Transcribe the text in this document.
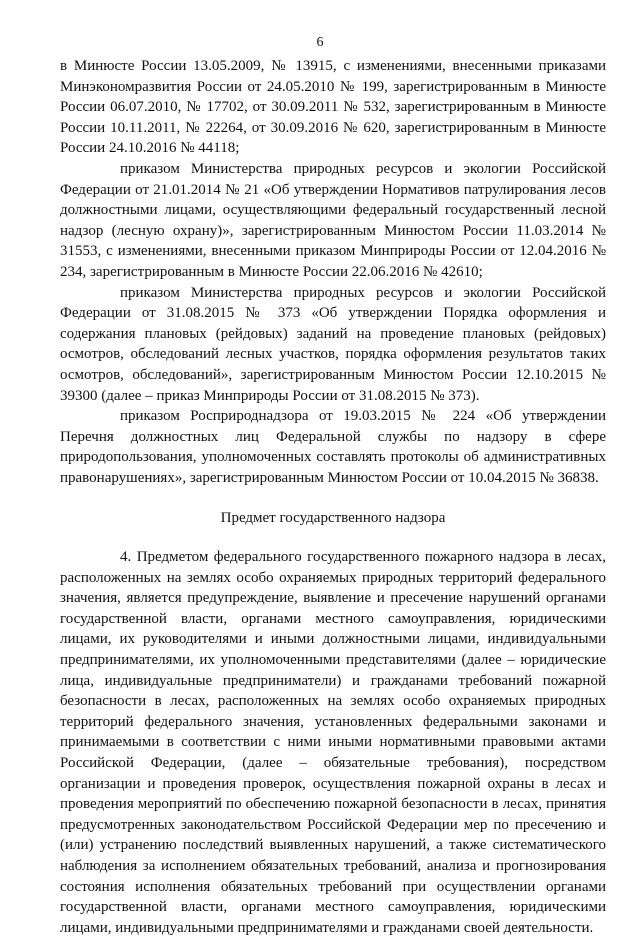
6

в Минюсте России 13.05.2009, № 13915, с изменениями, внесенными приказами Минэкономразвития России от 24.05.2010 № 199, зарегистрированным в Минюсте России 06.07.2010, № 17702, от 30.09.2011 № 532, зарегистрированным в Минюсте России 10.11.2011, № 22264, от 30.09.2016 № 620, зарегистрированным в Минюсте России 24.10.2016 № 44118;

приказом Министерства природных ресурсов и экологии Российской Федерации от 21.01.2014 № 21 «Об утверждении Нормативов патрулирования лесов должностными лицами, осуществляющими федеральный государственный лесной надзор (лесную охрану)», зарегистрированным Минюстом России 11.03.2014 № 31553, с изменениями, внесенными приказом Минприроды России от 12.04.2016 № 234, зарегистрированным в Минюсте России 22.06.2016 № 42610;

приказом Министерства природных ресурсов и экологии Российской Федерации от 31.08.2015 № 373 «Об утверждении Порядка оформления и содержания плановых (рейдовых) заданий на проведение плановых (рейдовых) осмотров, обследований лесных участков, порядка оформления результатов таких осмотров, обследований», зарегистрированным Минюстом России 12.10.2015 № 39300 (далее – приказ Минприроды России от 31.08.2015 № 373).

приказом Росприроднадзора от 19.03.2015 № 224 «Об утверждении Перечня должностных лиц Федеральной службы по надзору в сфере природопользования, уполномоченных составлять протоколы об административных правонарушениях», зарегистрированным Минюстом России от 10.04.2015 № 36838.

Предмет государственного надзора

4. Предметом федерального государственного пожарного надзора в лесах, расположенных на землях особо охраняемых природных территорий федерального значения, является предупреждение, выявление и пресечение нарушений органами государственной власти, органами местного самоуправления, юридическими лицами, их руководителями и иными должностными лицами, индивидуальными предпринимателями, их уполномоченными представителями (далее – юридические лица, индивидуальные предприниматели) и гражданами требований пожарной безопасности в лесах, расположенных на землях особо охраняемых природных территорий федерального значения, установленных федеральными законами и принимаемыми в соответствии с ними иными нормативными правовыми актами Российской Федерации, (далее – обязательные требования), посредством организации и проведения проверок, осуществления пожарной охраны в лесах и проведения мероприятий по обеспечению пожарной безопасности в лесах, принятия предусмотренных законодательством Российской Федерации мер по пресечению и (или) устранению последствий выявленных нарушений, а также систематического наблюдения за исполнением обязательных требований, анализа и прогнозирования состояния исполнения обязательных требований при осуществлении органами государственной власти, органами местного самоуправления, юридическими лицами, индивидуальными предпринимателями и гражданами своей деятельности.
